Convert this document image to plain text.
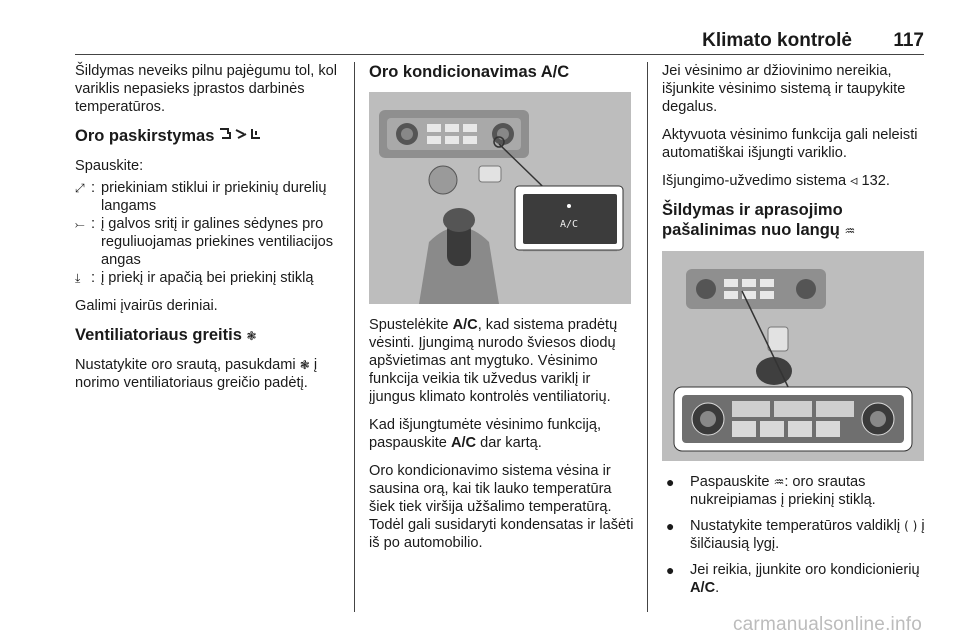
Klimato kontrolė 117

Šildymas neveiks pilnu pajėgumu tol, kol variklis nepasieks įprastos darbinės temperatūros.

Oro paskirstymas

Spauskite:

⤢ : priekiniam stiklui ir priekinių durelių langams
⤚ : į galvos sritį ir galines sėdynes pro reguliuojamas priekines ventiliacijos angas
⤓ : į priekį ir apačią bei priekinį stiklą

Galimi įvairūs deriniai.

Ventiliatoriaus greitis ❃

Nustatykite oro srautą, pasukdami ❃ į norimo ventiliatoriaus greičio padėtį.

Oro kondicionavimas A/C
A/C

Spustelėkite A/C, kad sistema pradėtų vėsinti. Įjungimą nurodo šviesos diodų apšvietimas ant mygtuko. Vėsinimo funkcija veikia tik užvedus variklį ir įjungus klimato kontrolės ventiliatorių.

Kad išjungtumėte vėsinimo funkciją, paspauskite A/C dar kartą.

Oro kondicionavimo sistema vėsina ir sausina orą, kai tik lauko temperatūra šiek tiek viršija užšalimo temperatūrą. Todėl gali susidaryti kondensatas ir lašėti iš po automobilio.

Jei vėsinimo ar džiovinimo nereikia, išjunkite vėsinimo sistemą ir taupykite degalus.

Aktyvuota vėsinimo funkcija gali neleisti automatiškai išjungti variklio.

Išjungimo-užvedimo sistema ◃ 132.

Šildymas ir aprasojimo pašalinimas nuo langų ♒
●	Paspauskite ♒: oro srautas nukreipiamas į priekinį stiklą.
●	Nustatykite temperatūros valdiklį ( ) į šilčiausią lygį.
●	Jei reikia, įjunkite oro kondicionierių A/C.
carmanualsonline.info
